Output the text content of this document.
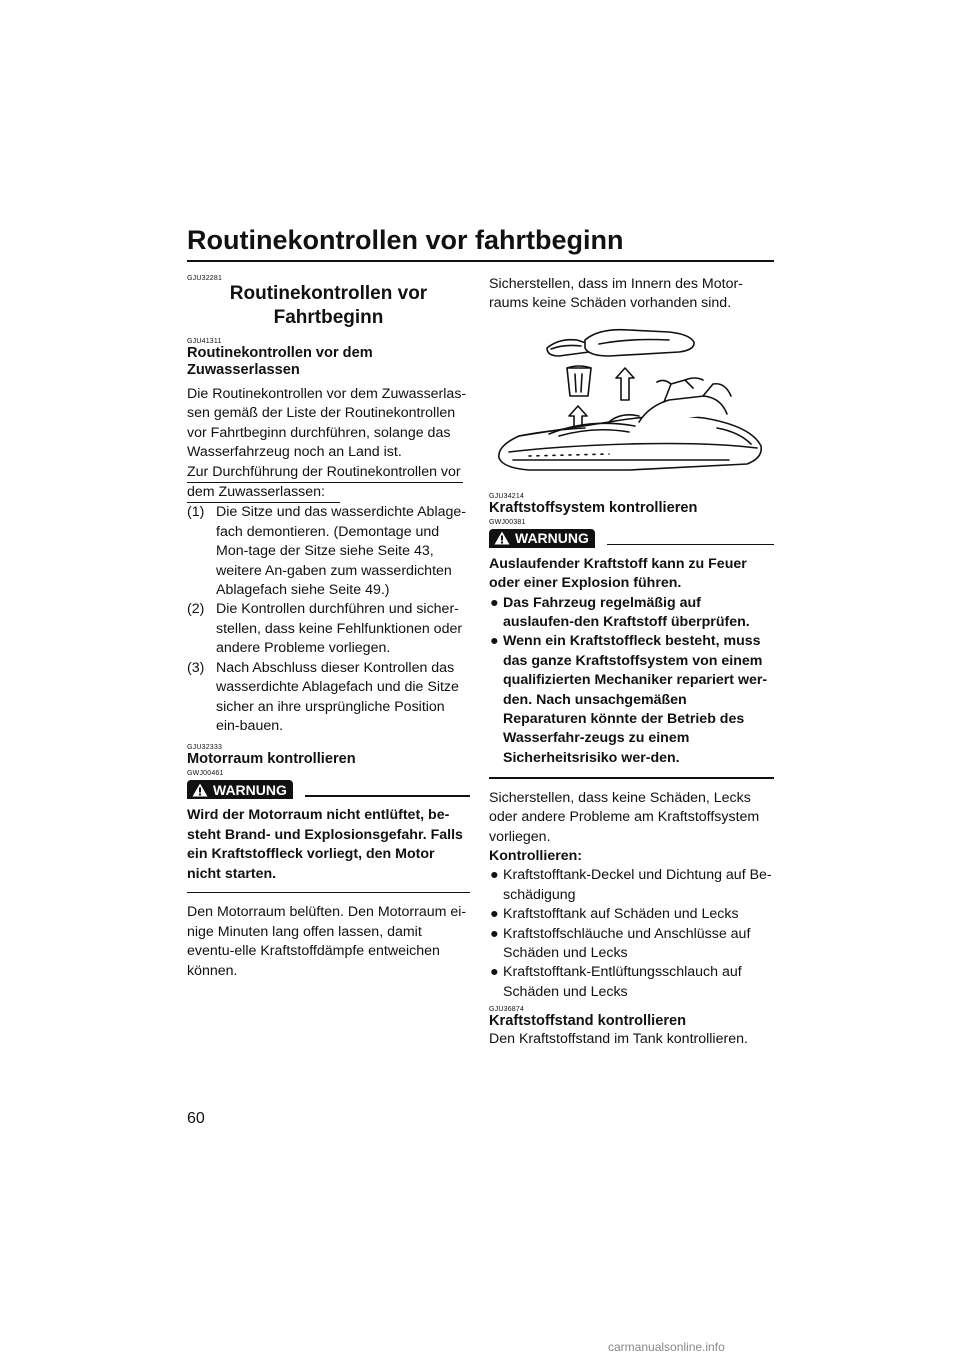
Routinekontrollen vor fahrtbeginn
GJU32281
Routinekontrollen vor
Fahrtbeginn
GJU41311
Routinekontrollen vor dem
Zuwasserlassen
Die Routinekontrollen vor dem Zuwasserlas-sen gemäß der Liste der Routinekontrollen vor Fahrtbeginn durchführen, solange das Wasserfahrzeug noch an Land ist.
Zur Durchführung der Routinekontrollen vor
dem Zuwasserlassen:
(1) Die Sitze und das wasserdichte Ablage-fach demontieren. (Demontage und Mon-tage der Sitze siehe Seite 43, weitere An-gaben zum wasserdichten Ablagefach siehe Seite 49.)
(2) Die Kontrollen durchführen und sicher-stellen, dass keine Fehlfunktionen oder andere Probleme vorliegen.
(3) Nach Abschluss dieser Kontrollen das wasserdichte Ablagefach und die Sitze sicher an ihre ursprüngliche Position ein-bauen.
GJU32333
Motorraum kontrollieren
GWJ00461
WARNUNG
Wird der Motorraum nicht entlüftet, be-steht Brand- und Explosionsgefahr. Falls ein Kraftstoffleck vorliegt, den Motor nicht starten.
Den Motorraum belüften. Den Motorraum ei-nige Minuten lang offen lassen, damit eventu-elle Kraftstoffdämpfe entweichen können.
Sicherstellen, dass im Innern des Motor-raums keine Schäden vorhanden sind.
GJU34214
Kraftstoffsystem kontrollieren
GWJ00381
WARNUNG
Auslaufender Kraftstoff kann zu Feuer oder einer Explosion führen.
● Das Fahrzeug regelmäßig auf auslaufen-den Kraftstoff überprüfen.
● Wenn ein Kraftstoffleck besteht, muss das ganze Kraftstoffsystem von einem qualifizierten Mechaniker repariert wer-den. Nach unsachgemäßen Reparaturen könnte der Betrieb des Wasserfahr-zeugs zu einem Sicherheitsrisiko wer-den.
Sicherstellen, dass keine Schäden, Lecks oder andere Probleme am Kraftstoffsystem vorliegen.
Kontrollieren:
● Kraftstofftank-Deckel und Dichtung auf Be-schädigung
● Kraftstofftank auf Schäden und Lecks
● Kraftstoffschläuche und Anschlüsse auf Schäden und Lecks
● Kraftstofftank-Entlüftungsschlauch auf Schäden und Lecks
GJU36874
Kraftstoffstand kontrollieren
Den Kraftstoffstand im Tank kontrollieren.
60
carmanualsonline.info
